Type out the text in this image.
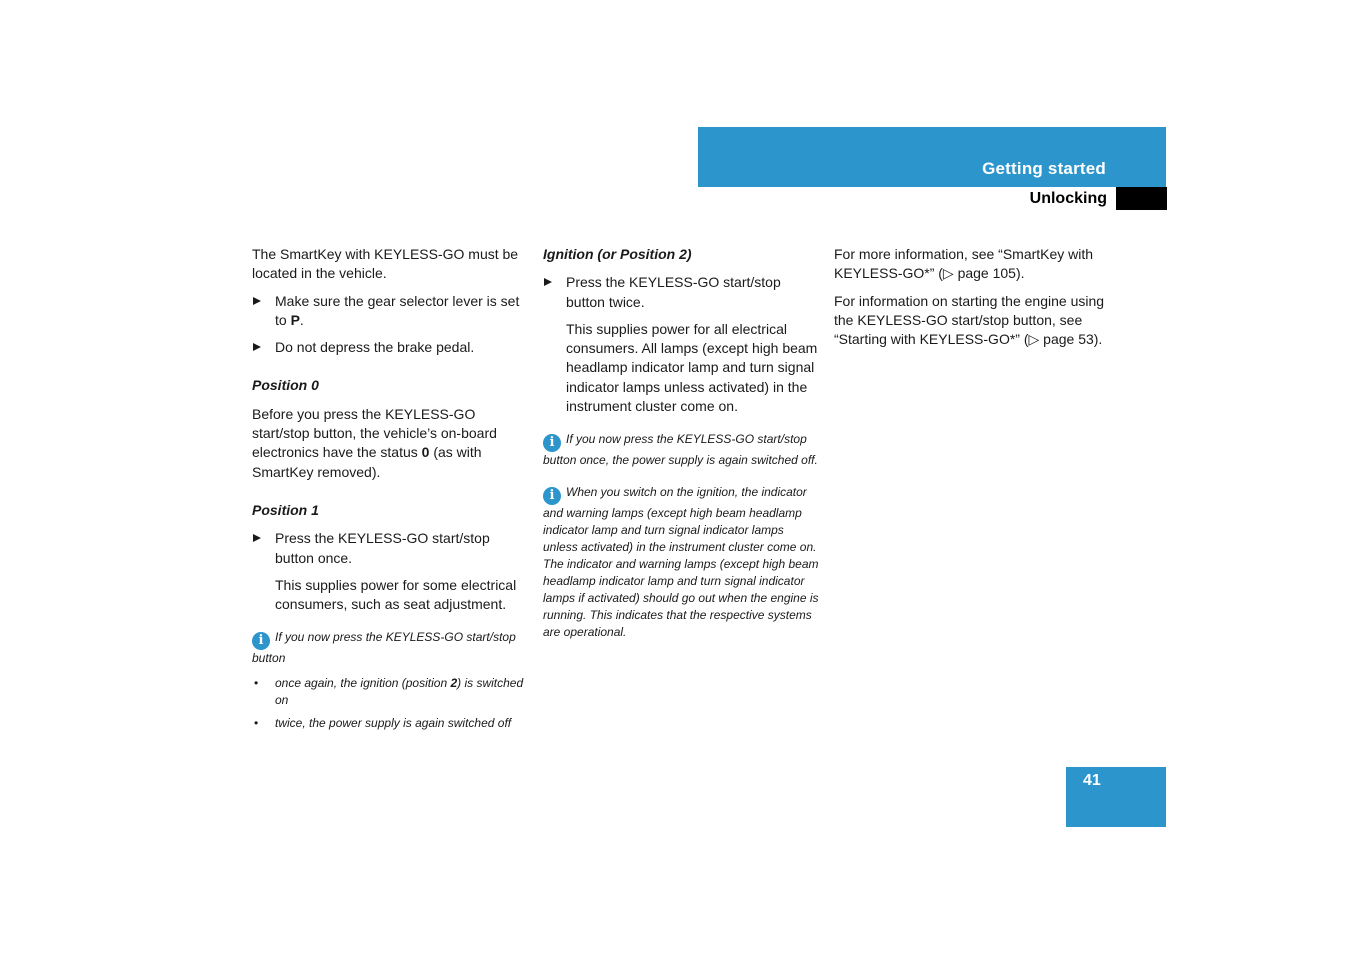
Getting started
Unlocking

The SmartKey with KEYLESS-GO must be located in the vehicle.

Make sure the gear selector lever is set to P.
Do not depress the brake pedal.
Position 0

Before you press the KEYLESS-GO start/stop button, the vehicle’s on-board electronics have the status 0 (as with SmartKey removed).

Position 1
Press the KEYLESS-GO start/stop button once.

This supplies power for some electrical consumers, such as seat adjustment.

i If you now press the KEYLESS-GO start/stop button
• once again, the ignition (position 2) is switched on
• twice, the power supply is again switched off
Ignition (or Position 2)
Press the KEYLESS-GO start/stop button twice.

This supplies power for all electrical consumers. All lamps (except high beam headlamp indicator lamp and turn signal indicator lamps unless activated) in the instrument cluster come on.

i If you now press the KEYLESS-GO start/stop button once, the power supply is again switched off.
i When you switch on the ignition, the indicator and warning lamps (except high beam headlamp indicator lamp and turn signal indicator lamps unless activated) in the instrument cluster come on. The indicator and warning lamps (except high beam headlamp indicator lamp and turn signal indicator lamps if activated) should go out when the engine is running. This indicates that the respective systems are operational.

For more information, see “SmartKey with KEYLESS-GO*” (▷ page 105).

For information on starting the engine using the KEYLESS-GO start/stop button, see “Starting with KEYLESS-GO*” (▷ page 53).

41
